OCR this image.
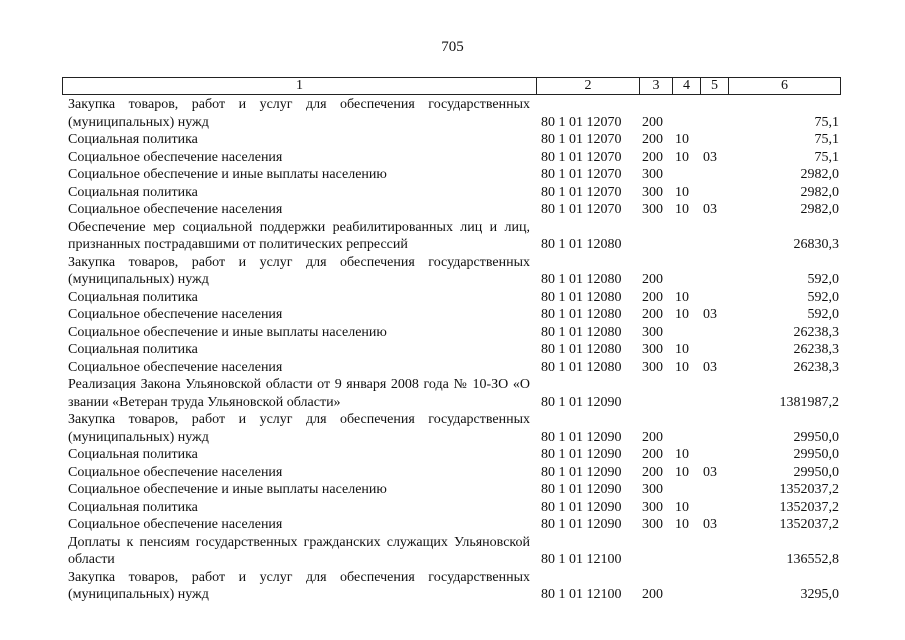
705
1	2	3	4	5	6
Закупка товаров, работ и услуг для обеспечения государственных (муниципальных) нужд	80 1 01 12070	200			75,1
Социальная политика	80 1 01 12070	200	10		75,1
Социальное обеспечение населения	80 1 01 12070	200	10	03	75,1
Социальное обеспечение и иные выплаты населению	80 1 01 12070	300			2982,0
Социальная политика	80 1 01 12070	300	10		2982,0
Социальное обеспечение населения	80 1 01 12070	300	10	03	2982,0
Обеспечение мер социальной поддержки реабилитированных лиц и лиц, признанных пострадавшими от политических репрессий	80 1 01 12080				26830,3
Закупка товаров, работ и услуг для обеспечения государственных (муниципальных) нужд	80 1 01 12080	200			592,0
Социальная политика	80 1 01 12080	200	10		592,0
Социальное обеспечение населения	80 1 01 12080	200	10	03	592,0
Социальное обеспечение и иные выплаты населению	80 1 01 12080	300			26238,3
Социальная политика	80 1 01 12080	300	10		26238,3
Социальное обеспечение населения	80 1 01 12080	300	10	03	26238,3
Реализация Закона Ульяновской области от 9 января 2008 года № 10-ЗО «О звании «Ветеран труда Ульяновской области»	80 1 01 12090				1381987,2
Закупка товаров, работ и услуг для обеспечения государственных (муниципальных) нужд	80 1 01 12090	200			29950,0
Социальная политика	80 1 01 12090	200	10		29950,0
Социальное обеспечение населения	80 1 01 12090	200	10	03	29950,0
Социальное обеспечение и иные выплаты населению	80 1 01 12090	300			1352037,2
Социальная политика	80 1 01 12090	300	10		1352037,2
Социальное обеспечение населения	80 1 01 12090	300	10	03	1352037,2
Доплаты к пенсиям государственных гражданских служащих Ульяновской области	80 1 01 12100				136552,8
Закупка товаров, работ и услуг для обеспечения государственных (муниципальных) нужд	80 1 01 12100	200			3295,0
